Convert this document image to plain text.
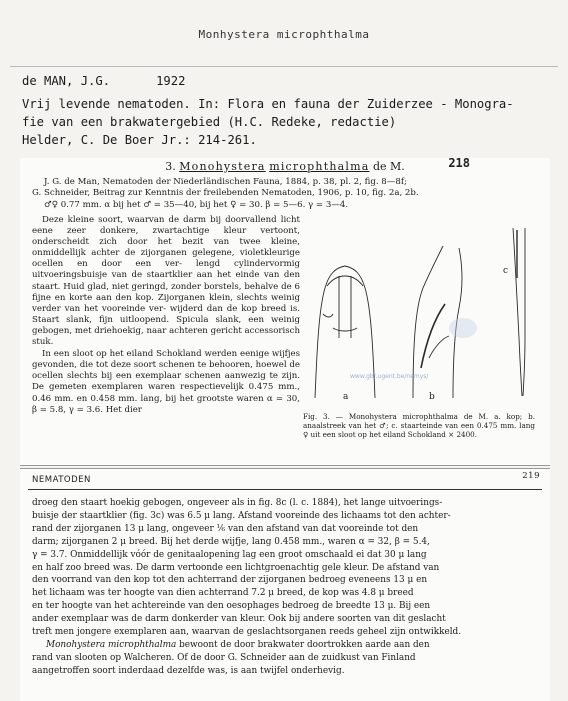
Monhystera microphthalma
de MAN, J.G.	1922
Vrij levende nematoden. In: Flora en fauna der Zuiderzee - Monogra-
fie van een brakwatergebied (H.C. Redeke, redactie)
Helder, C. De Boer Jr.: 214-261.
3. Monohystera microphthalma de M.	218
J. G. de Man, Nematoden der Niederländischen Fauna, 1884, p. 38, pl. 2, fig. 8—8f;
G. Schneider, Beitrag zur Kenntnis der freilebenden Nematoden, 1906, p. 10, fig. 2a, 2b.
♂♀ 0.77 mm. α bij het ♂ = 35—40, bij het ♀ = 30. β = 5—6. γ = 3—4.

Deze kleine soort, waarvan de darm bij doorvallend licht eene zeer donkere, zwartachtige kleur vertoont, onderscheidt zich door het bezit van twee kleine, onmiddellijk achter de zijorganen gelegene, violetkleurige ocellen en door een ver- lengd cylindervormig uitvoeringsbuisje van de staartklier aan het einde van den staart. Huid glad, niet geringd, zonder borstels, behalve de 6 fijne en korte aan den kop. Zijorganen klein, slechts weinig verder van het vooreinde ver- wijderd dan de kop breed is. Staart slank, fijn uitloopend. Spicula slank, een weinig gebogen, met driehoekig, naar achteren gericht accessorisch stuk.

In een sloot op het eiland Schokland werden eenige wijfjes gevonden, die tot deze soort schenen te behooren, hoewel de ocellen slechts bij een exemplaar schenen aanwezig te zijn. De gemeten exemplaren waren respectievelijk 0.475 mm., 0.46 mm. en 0.458 mm. lang, bij het grootste waren α = 30, β = 5.8, γ = 3.6. Het dier

a	b
c
www.gbr.ugent.be/nemys/
Fig. 3. — Monohystera microphthalma de M. a. kop; b. anaalstreek van het ♂; c. staarteinde van een 0.475 mm. lang ♀ uit een sloot op het eiland Schokland × 2400.
NEMATODEN	219

droeg den staart hoekig gebogen, ongeveer als in fig. 8c (l. c. 1884), het lange uitvoerings-
buisje der staartklier (fig. 3c) was 6.5 μ lang. Afstand vooreinde des lichaams tot den achter-
rand der zijorganen 13 μ lang, ongeveer ⅙ van den afstand van dat vooreinde tot den
darm; zijorganen 2 μ breed. Bij het derde wijfje, lang 0.458 mm., waren α = 32, β = 5.4,
γ = 3.7. Onmiddellijk vóór de genitaalopening lag een groot omschaald ei dat 30 μ lang
en half zoo breed was. De darm vertoonde een lichtgroenachtig gele kleur. De afstand van
den voorrand van den kop tot den achterrand der zijorganen bedroeg eveneens 13 μ en
het lichaam was ter hoogte van dien achterrand 7.2 μ breed, de kop was 4.8 μ breed
en ter hoogte van het achtereinde van den oesophages bedroeg de breedte 13 μ. Bij een
ander exemplaar was de darm donkerder van kleur. Ook bij andere soorten van dit geslacht
treft men jongere exemplaren aan, waarvan de geslachtsorganen reeds geheel zijn ontwikkeld.

Monohystera microphthalma bewoont de door brakwater doortrokken aarde aan den
rand van slooten op Walcheren. Of de door G. Schneider aan de zuidkust van Finland
aangetroffen soort inderdaad dezelfde was, is aan twijfel onderhevig.
